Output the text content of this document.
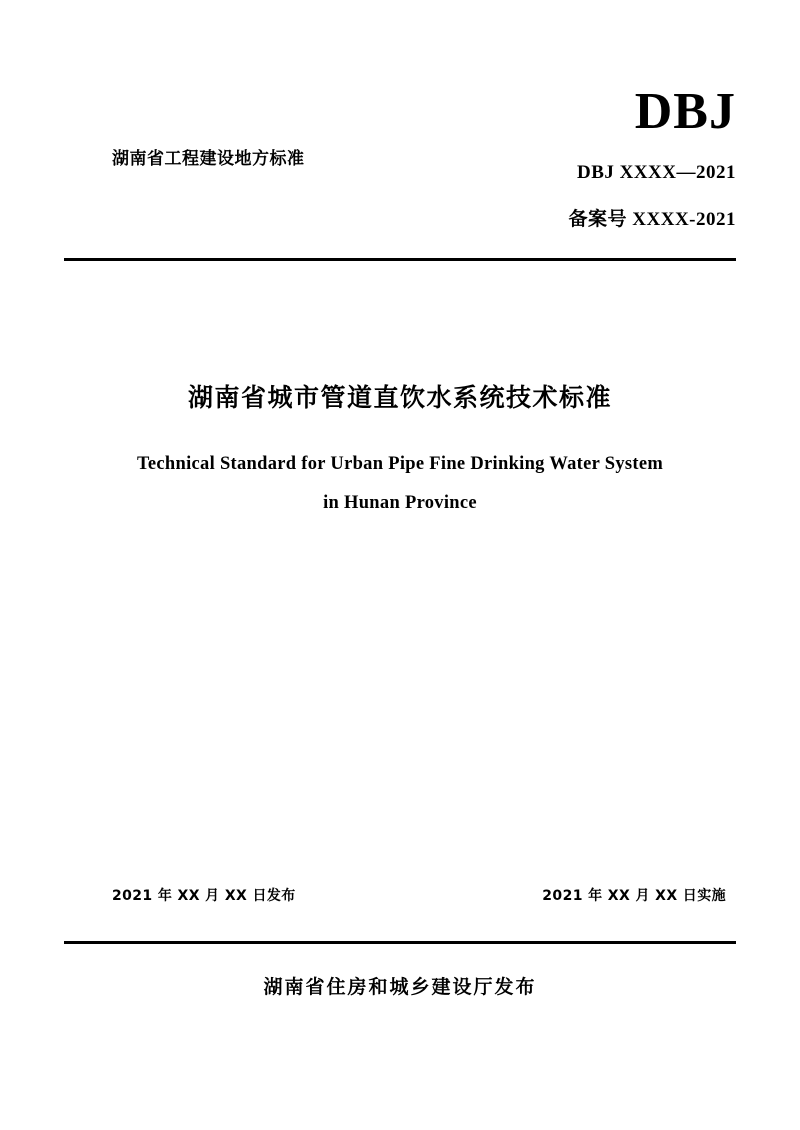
DBJ
湖南省工程建设地方标准
DBJ XXXX—2021
备案号 XXXX-2021
湖南省城市管道直饮水系统技术标准
Technical Standard for Urban Pipe Fine Drinking Water System
in Hunan Province
2021 年 XX 月 XX 日发布	2021 年 XX 月 XX 日实施
湖南省住房和城乡建设厅发布
